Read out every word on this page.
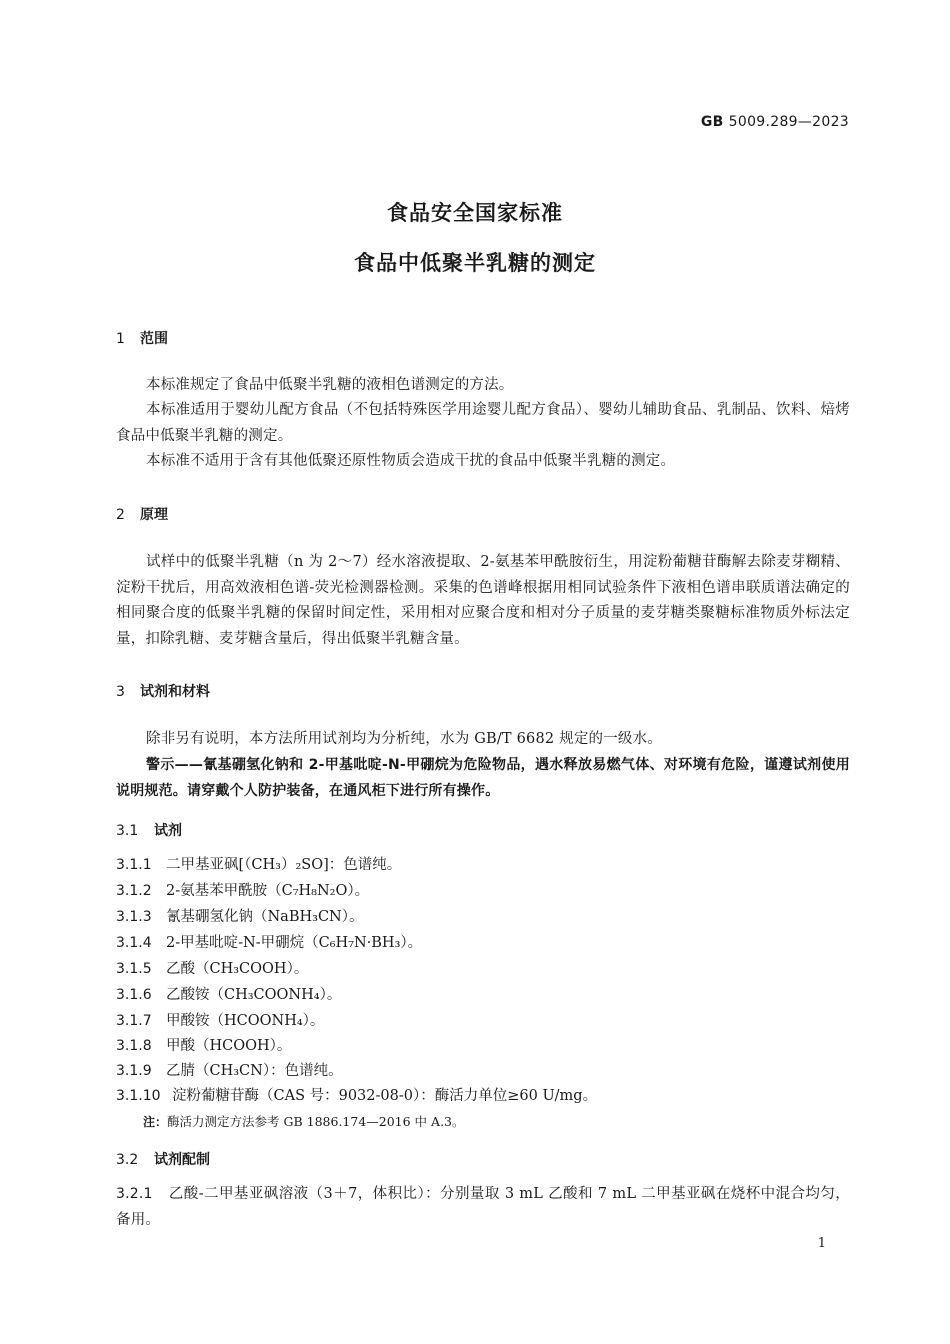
GB 5009.289—2023
食品安全国家标准
食品中低聚半乳糖的测定
1 范围
本标准规定了食品中低聚半乳糖的液相色谱测定的方法。
本标准适用于婴幼儿配方食品（不包括特殊医学用途婴儿配方食品）、婴幼儿辅助食品、乳制品、饮料、焙烤食品中低聚半乳糖的测定。
本标准不适用于含有其他低聚还原性物质会造成干扰的食品中低聚半乳糖的测定。
2 原理
试样中的低聚半乳糖（n 为 2～7）经水溶液提取、2-氨基苯甲酰胺衍生，用淀粉葡糖苷酶解去除麦芽糊精、淀粉干扰后，用高效液相色谱-荧光检测器检测。采集的色谱峰根据用相同试验条件下液相色谱串联质谱法确定的相同聚合度的低聚半乳糖的保留时间定性，采用相对应聚合度和相对分子质量的麦芽糖类聚糖标准物质外标法定量，扣除乳糖、麦芽糖含量后，得出低聚半乳糖含量。
3 试剂和材料
除非另有说明，本方法所用试剂均为分析纯，水为 GB/T 6682 规定的一级水。
警示——氰基硼氢化钠和 2-甲基吡啶-N-甲硼烷为危险物品，遇水释放易燃气体、对环境有危险，谨遵试剂使用说明规范。请穿戴个人防护装备，在通风柜下进行所有操作。
3.1 试剂
3.1.1 二甲基亚砜[（CH₃）₂SO]：色谱纯。
3.1.2 2-氨基苯甲酰胺（C₇H₈N₂O）。
3.1.3 氰基硼氢化钠（NaBH₃CN）。
3.1.4 2-甲基吡啶-N-甲硼烷（C₆H₇N·BH₃）。
3.1.5 乙酸（CH₃COOH）。
3.1.6 乙酸铵（CH₃COONH₄）。
3.1.7 甲酸铵（HCOONH₄）。
3.1.8 甲酸（HCOOH）。
3.1.9 乙腈（CH₃CN）：色谱纯。
3.1.10 淀粉葡糖苷酶（CAS 号：9032-08-0）：酶活力单位≥60 U/mg。
注：酶活力测定方法参考 GB 1886.174—2016 中 A.3。
3.2 试剂配制
3.2.1 乙酸-二甲基亚砜溶液（3＋7，体积比）：分别量取 3 mL 乙酸和 7 mL 二甲基亚砜在烧杯中混合均匀，备用。
1
